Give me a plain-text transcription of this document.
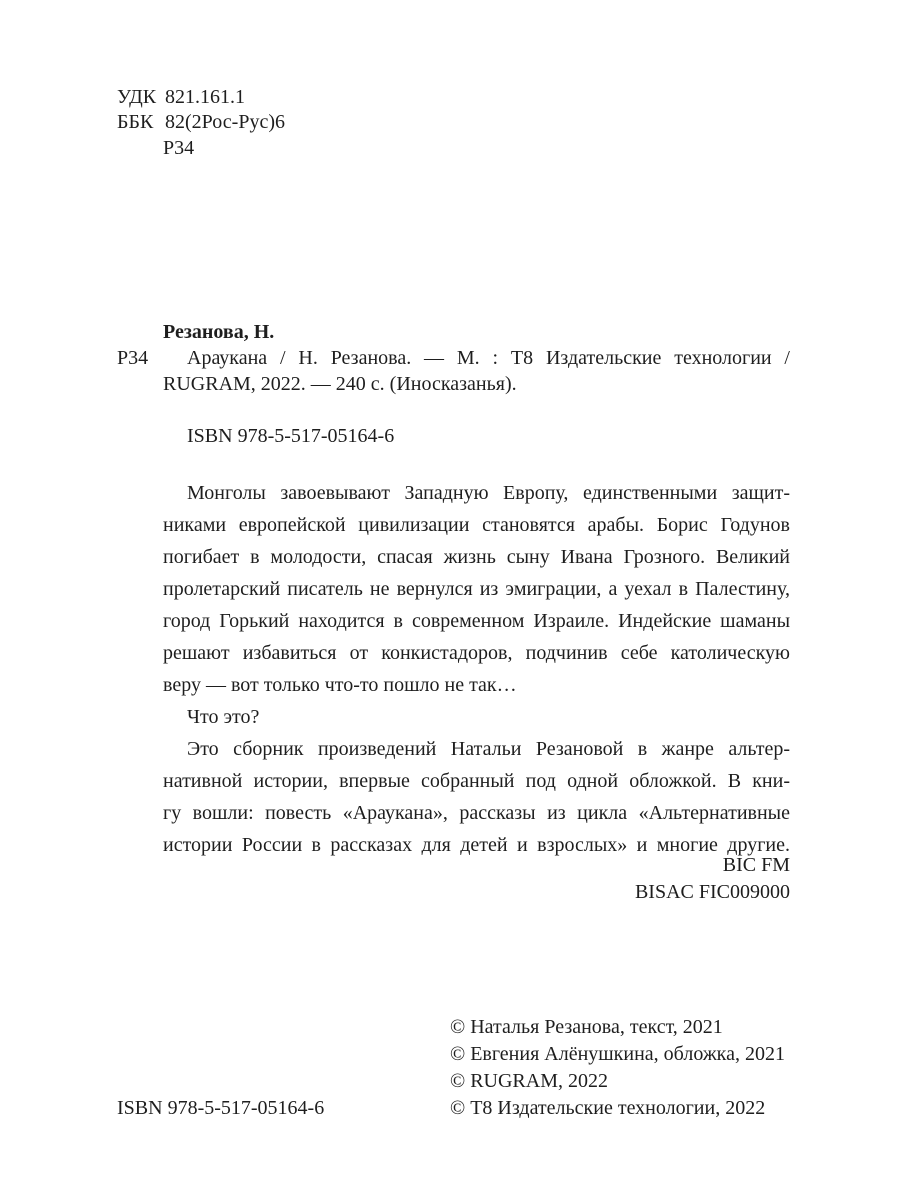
УДК 821.161.1
ББК 82(2Рос-Рус)6
Р34
Резанова, Н.
Р34 Араукана / Н. Резанова. — М. : Т8 Издательские технологии /
RUGRAM, 2022. — 240 с. (Иносказанья).
ISBN 978-5-517-05164-6
Монголы завоевывают Западную Европу, единственными защит-
никами европейской цивилизации становятся арабы. Борис Годунов
погибает в молодости, спасая жизнь сыну Ивана Грозного. Великий
пролетарский писатель не вернулся из эмиграции, а уехал в Палестину,
город Горький находится в современном Израиле. Индейские шаманы
решают избавиться от конкистадоров, подчинив себе католическую
веру — вот только что-то пошло не так…
Что это?
Это сборник произведений Натальи Резановой в жанре альтер-
нативной истории, впервые собранный под одной обложкой. В кни-
гу вошли: повесть «Араукана», рассказы из цикла «Альтернативные
истории России в рассказах для детей и взрослых» и многие другие.
BIC FM
BISAC FIC009000
ISBN 978-5-517-05164-6
© Наталья Резанова, текст, 2021
© Евгения Алёнушкина, обложка, 2021
© RUGRAM, 2022
© Т8 Издательские технологии, 2022
